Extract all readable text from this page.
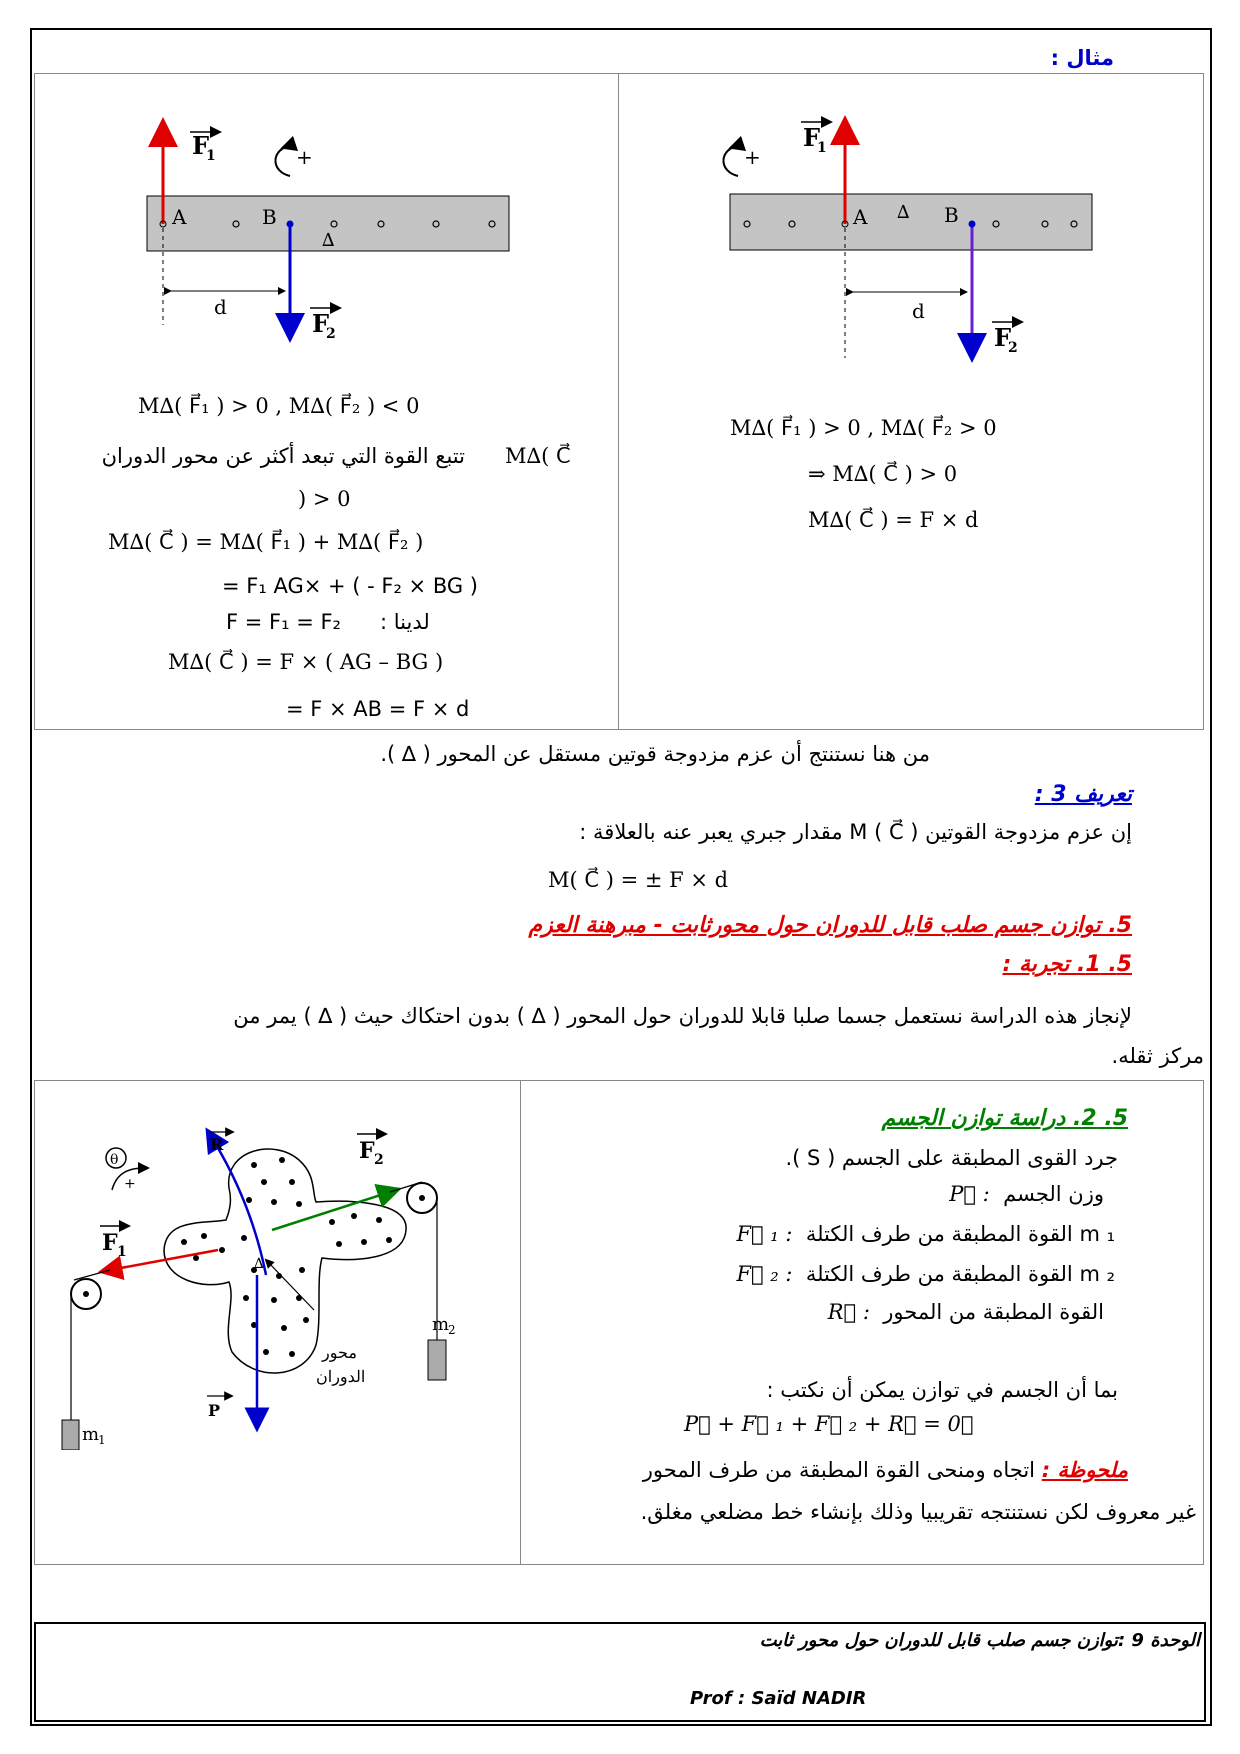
مثال :
A	B
∆
d
F
1
F
2
+
A	B
∆
d
F
1
F
2
+
M∆( F⃗₁ ) > 0 , M∆( F⃗₂ ) < 0
تتبع القوة التي تبعد أكثر عن محور الدوران M∆( C⃗
) > 0
M∆( C⃗ ) = M∆( F⃗₁ ) + M∆( F⃗₂ )
= F₁ AG× + ( - F₂ × BG )
F = F₁ = F₂ لدينا :
M∆( C⃗ ) = F × ( AG – BG )
= F × AB = F × d
M∆( F⃗₁ ) > 0 , M∆( F⃗₂ > 0
⇒ M∆( C⃗ ) > 0
M∆( C⃗ ) = F × d
من هنا نستنتج أن عزم مزدوجة قوتين مستقل عن المحور ( ∆ ).
تعريف 3 :
إن عزم مزدوجة القوتين ( C⃗ ) M مقدار جبري يعبر عنه بالعلاقة :
M( C⃗ ) = ± F × d
5. توازن جسم صلب قابل للدوران حول محورثابت - مبرهنة العزم
5. 1. تجربة :
لإنجاز هذه الدراسة نستعمل جسما صلبا قابلا للدوران حول المحور ( ∆ ) بدون احتكاك حيث ( ∆ ) يمر من
مركز ثقله.
5. 2. دراسة توازن الجسم
جرد القوى المطبقة على الجسم ( S ).
P⃗ : وزن الجسم
F⃗ ₁ : القوة المطبقة من طرف الكتلة m ₁
F⃗ ₂ : القوة المطبقة من طرف الكتلة m ₂
R⃗ : القوة المطبقة من المحور
بما أن الجسم في توازن يمكن أن نكتب :
P⃗ + F⃗ ₁ + F⃗ ₂ + R⃗ = 0⃗
ملحوظة : اتجاه ومنحى القوة المطبقة من طرف المحور
غير معروف لكن نستنتجه تقريبيا وذلك بإنشاء خط مضلعي مغلق.
R	F 2
F 1
P
∆
m
1
m
2
محور
الدوران
θ
+
الوحدة 9 :توازن جسم صلب قابل للدوران حول محور ثابت
Prof : Saïd NADIR
